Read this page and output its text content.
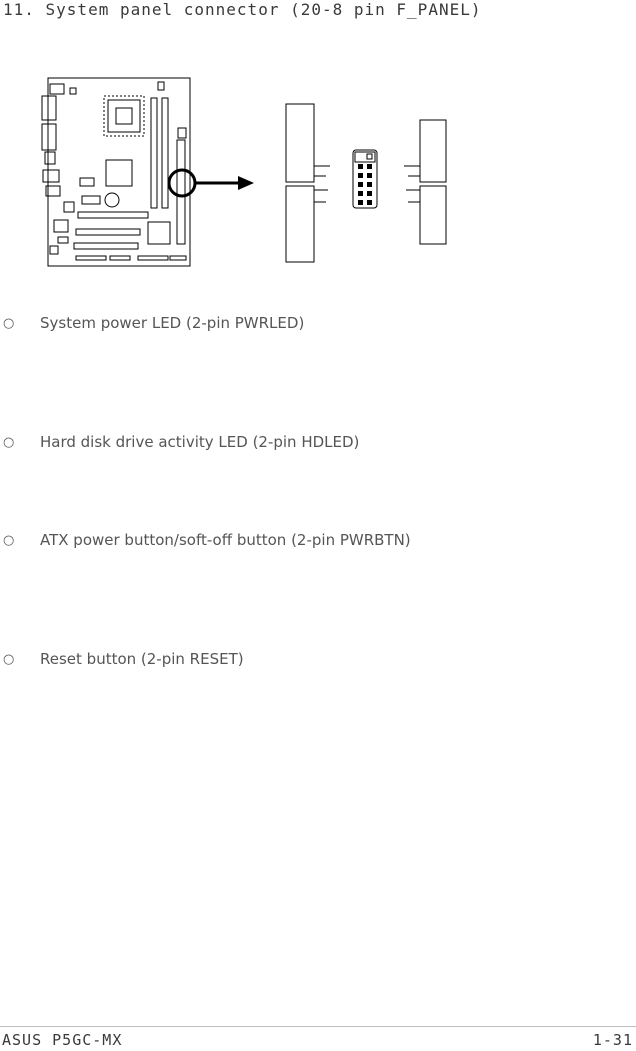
11. System panel connector (20-8 pin F_PANEL)
○ System power LED (2-pin PWRLED)
○ Hard disk drive activity LED (2-pin HDLED)
○ ATX power button/soft-off button (2-pin PWRBTN)
○ Reset button (2-pin RESET)
ASUS P5GC-MX	1-31
